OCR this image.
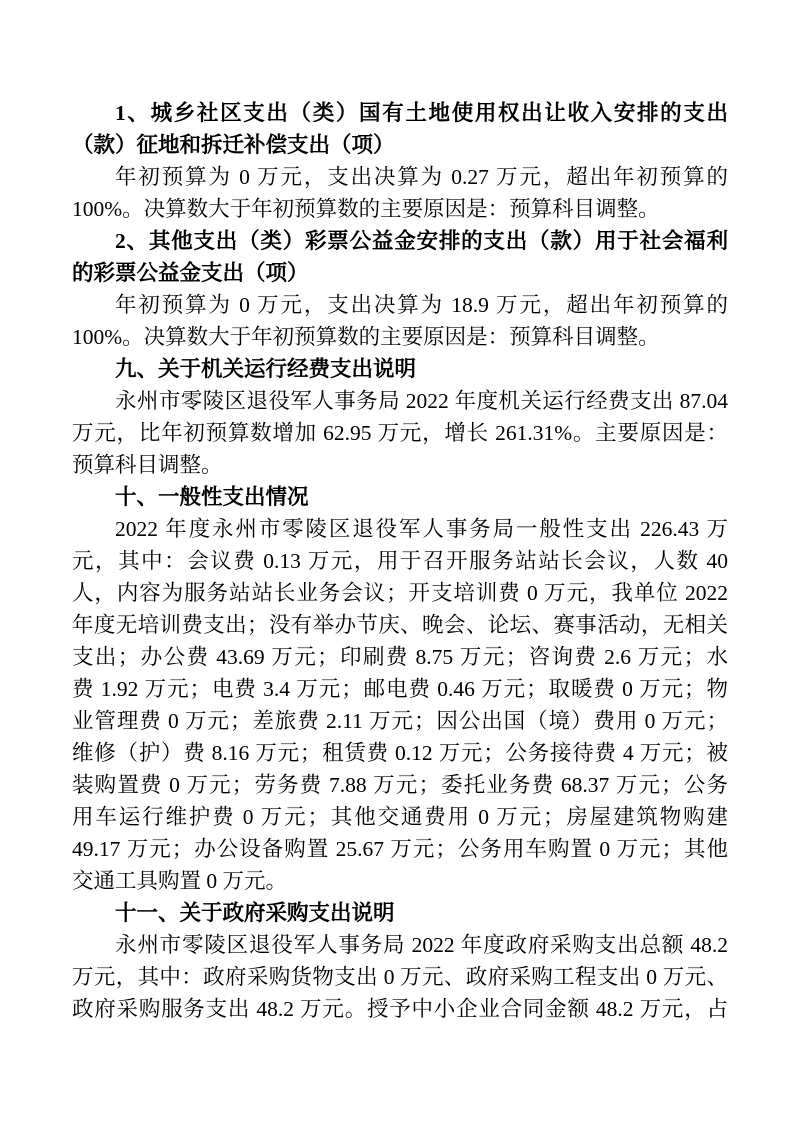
1、城乡社区支出（类）国有土地使用权出让收入安排的支出
（款）征地和拆迁补偿支出（项）
年初预算为 0 万元，支出决算为 0.27 万元，超出年初预算的
100%。决算数大于年初预算数的主要原因是：预算科目调整。
2、其他支出（类）彩票公益金安排的支出（款）用于社会福利
的彩票公益金支出（项）
年初预算为 0 万元，支出决算为 18.9 万元，超出年初预算的
100%。决算数大于年初预算数的主要原因是：预算科目调整。
九、关于机关运行经费支出说明
永州市零陵区退役军人事务局 2022 年度机关运行经费支出 87.04
万元，比年初预算数增加 62.95 万元，增长 261.31%。主要原因是：
预算科目调整。
十、一般性支出情况
2022 年度永州市零陵区退役军人事务局一般性支出 226.43 万
元，其中：会议费 0.13 万元，用于召开服务站站长会议，人数 40
人，内容为服务站站长业务会议；开支培训费 0 万元，我单位 2022
年度无培训费支出；没有举办节庆、晚会、论坛、赛事活动，无相关
支出；办公费 43.69 万元；印刷费 8.75 万元；咨询费 2.6 万元；水
费 1.92 万元；电费 3.4 万元；邮电费 0.46 万元；取暖费 0 万元；物
业管理费 0 万元；差旅费 2.11 万元；因公出国（境）费用 0 万元；
维修（护）费 8.16 万元；租赁费 0.12 万元；公务接待费 4 万元；被
装购置费 0 万元；劳务费 7.88 万元；委托业务费 68.37 万元；公务
用车运行维护费 0 万元；其他交通费用 0 万元；房屋建筑物购建
49.17 万元；办公设备购置 25.67 万元；公务用车购置 0 万元；其他
交通工具购置 0 万元。
十一、关于政府采购支出说明
永州市零陵区退役军人事务局 2022 年度政府采购支出总额 48.2
万元，其中：政府采购货物支出 0 万元、政府采购工程支出 0 万元、
政府采购服务支出 48.2 万元。授予中小企业合同金额 48.2 万元，占
